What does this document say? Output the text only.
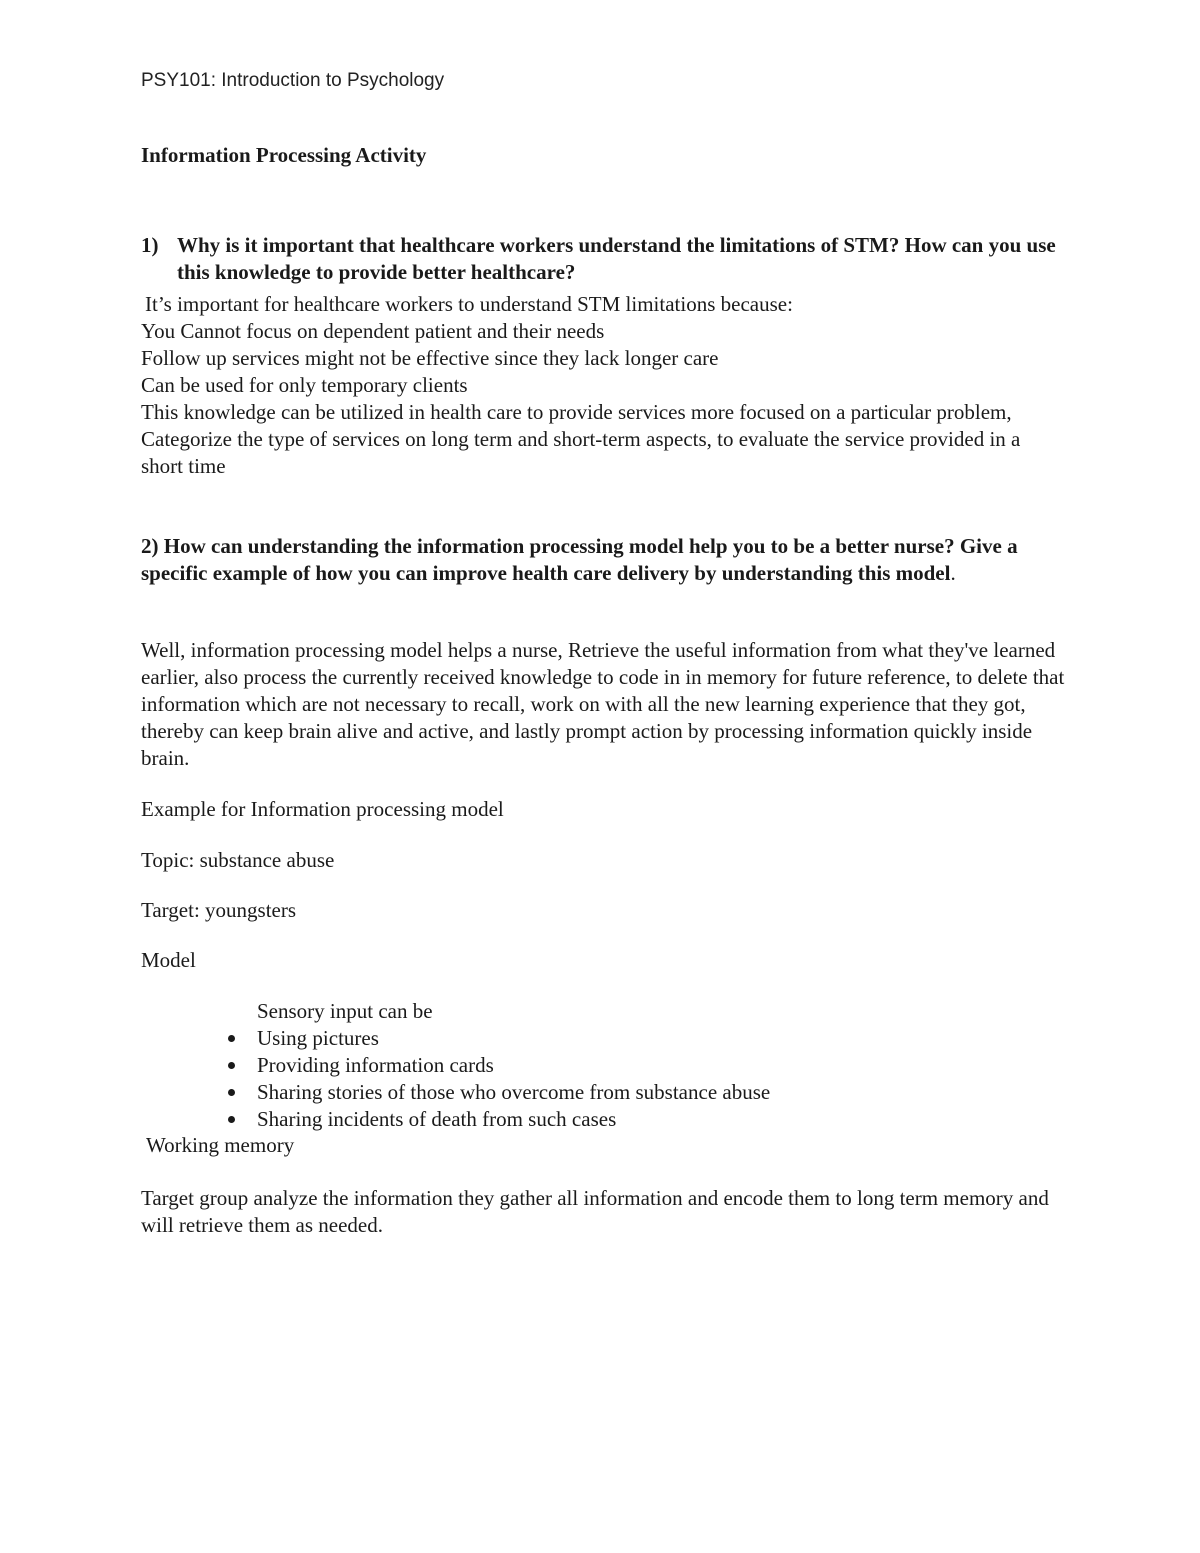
PSY101: Introduction to Psychology
Information Processing Activity
1) Why is it important that healthcare workers understand the limitations of STM? How can you use this knowledge to provide better healthcare?
It’s important for healthcare workers to understand STM limitations because:
You Cannot focus on dependent patient and their needs
Follow up services might not be effective since they lack longer care
Can be used for only temporary clients
This knowledge can be utilized in health care to provide services more focused on a particular problem, Categorize the type of services on long term and short-term aspects, to evaluate the service provided in a short time
2) How can understanding the information processing model help you to be a better nurse? Give a specific example of how you can improve health care delivery by understanding this model.
Well, information processing model helps a nurse, Retrieve the useful information from what they've learned earlier, also process the currently received knowledge to code in in memory for future reference, to delete that information which are not necessary to recall, work on with all the new learning experience that they got, thereby can keep brain alive and active, and lastly prompt action by processing information quickly inside brain.
Example for Information processing model
Topic: substance abuse
Target: youngsters
Model
Sensory input can be
Using pictures
Providing information cards
Sharing stories of those who overcome from substance abuse
Sharing incidents of death from such cases
Working memory
Target group analyze the information they gather all information and encode them to long term memory and will retrieve them as needed.
